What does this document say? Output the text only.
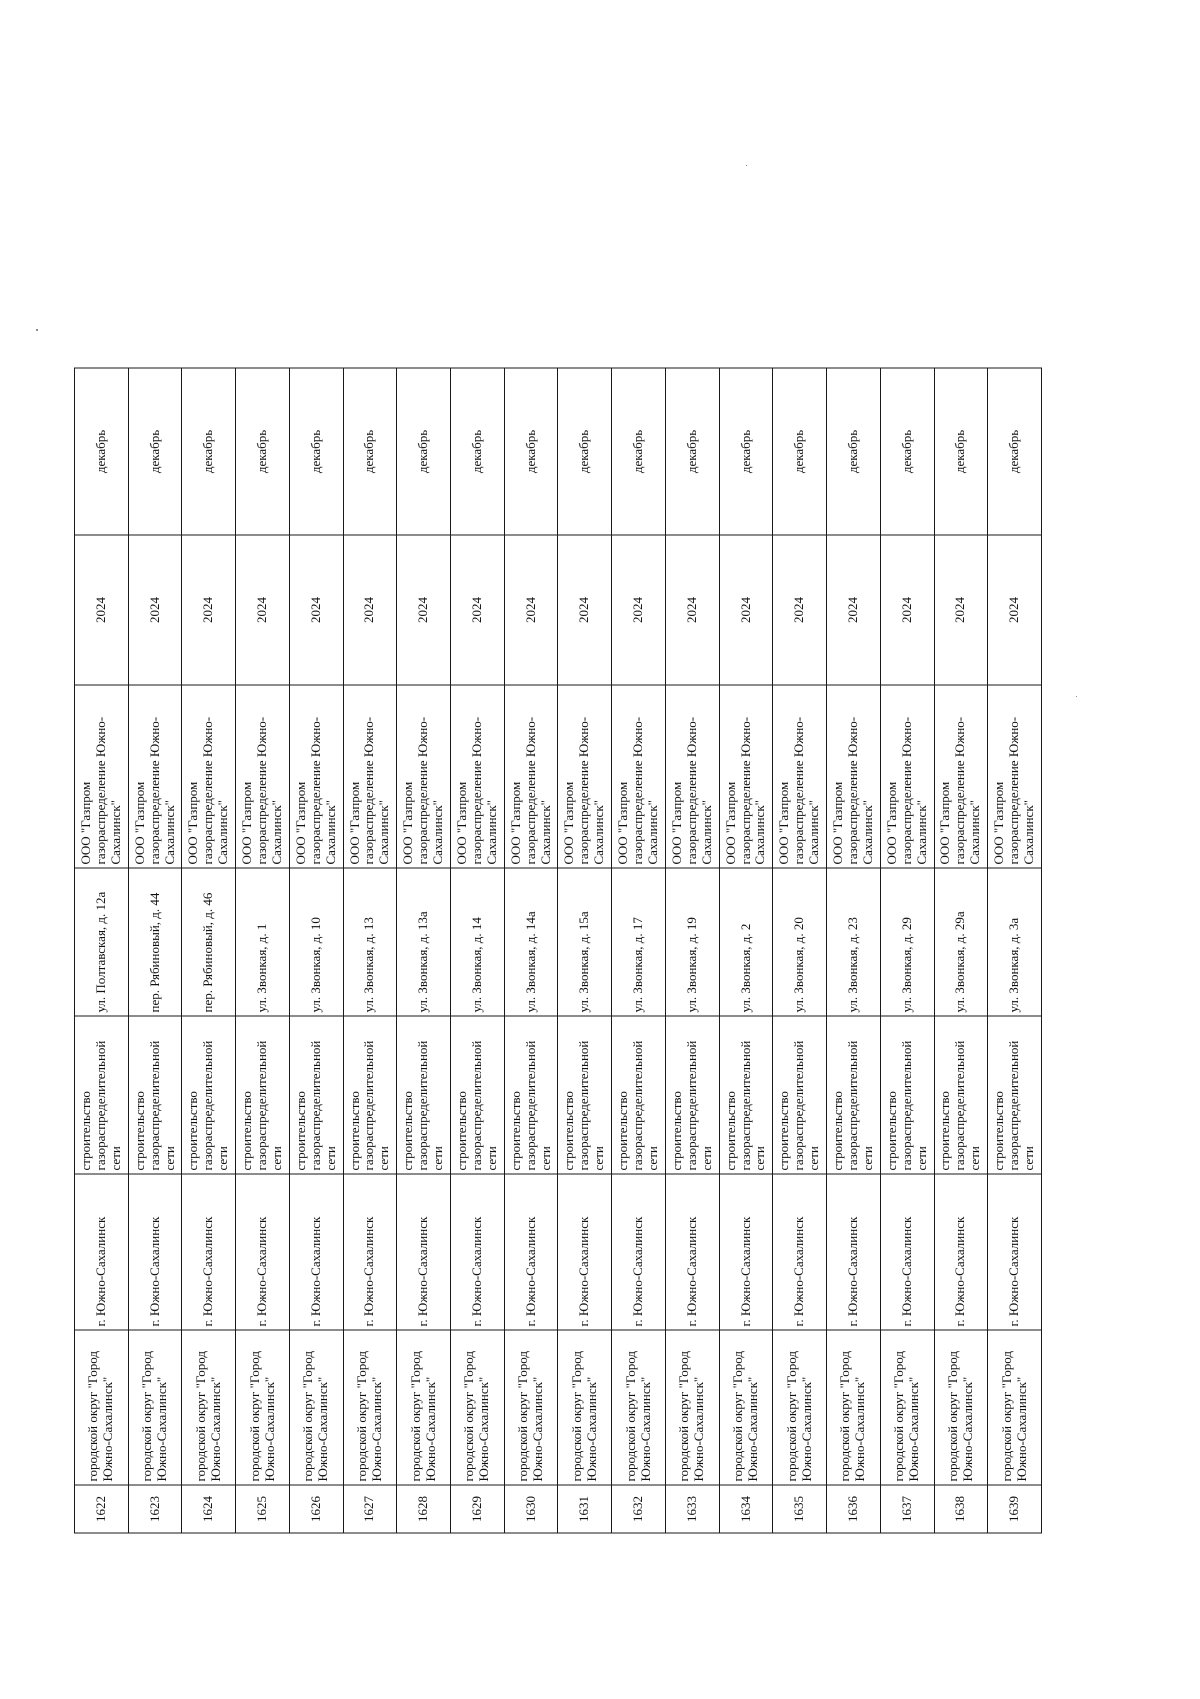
1622	городской округ "Город Южно-Сахалинск"	г. Южно-Сахалинск	строительство газораспределительной сети	ул. Полтавская, д. 12а	ООО "Газпром газораспределение Южно-Сахалинск"	2024	декабрь
1623	городской округ "Город Южно-Сахалинск"	г. Южно-Сахалинск	строительство газораспределительной сети	пер. Рябиновый, д. 44	ООО "Газпром газораспределение Южно-Сахалинск"	2024	декабрь
1624	городской округ "Город Южно-Сахалинск"	г. Южно-Сахалинск	строительство газораспределительной сети	пер. Рябиновый, д. 46	ООО "Газпром газораспределение Южно-Сахалинск"	2024	декабрь
1625	городской округ "Город Южно-Сахалинск"	г. Южно-Сахалинск	строительство газораспределительной сети	ул. Звонкая, д. 1	ООО "Газпром газораспределение Южно-Сахалинск"	2024	декабрь
1626	городской округ "Город Южно-Сахалинск"	г. Южно-Сахалинск	строительство газораспределительной сети	ул. Звонкая, д. 10	ООО "Газпром газораспределение Южно-Сахалинск"	2024	декабрь
1627	городской округ "Город Южно-Сахалинск"	г. Южно-Сахалинск	строительство газораспределительной сети	ул. Звонкая, д. 13	ООО "Газпром газораспределение Южно-Сахалинск"	2024	декабрь
1628	городской округ "Город Южно-Сахалинск"	г. Южно-Сахалинск	строительство газораспределительной сети	ул. Звонкая, д. 13а	ООО "Газпром газораспределение Южно-Сахалинск"	2024	декабрь
1629	городской округ "Город Южно-Сахалинск"	г. Южно-Сахалинск	строительство газораспределительной сети	ул. Звонкая, д. 14	ООО "Газпром газораспределение Южно-Сахалинск"	2024	декабрь
1630	городской округ "Город Южно-Сахалинск"	г. Южно-Сахалинск	строительство газораспределительной сети	ул. Звонкая, д. 14а	ООО "Газпром газораспределение Южно-Сахалинск"	2024	декабрь
1631	городской округ "Город Южно-Сахалинск"	г. Южно-Сахалинск	строительство газораспределительной сети	ул. Звонкая, д. 15а	ООО "Газпром газораспределение Южно-Сахалинск"	2024	декабрь
1632	городской округ "Город Южно-Сахалинск"	г. Южно-Сахалинск	строительство газораспределительной сети	ул. Звонкая, д. 17	ООО "Газпром газораспределение Южно-Сахалинск"	2024	декабрь
1633	городской округ "Город Южно-Сахалинск"	г. Южно-Сахалинск	строительство газораспределительной сети	ул. Звонкая, д. 19	ООО "Газпром газораспределение Южно-Сахалинск"	2024	декабрь
1634	городской округ "Город Южно-Сахалинск"	г. Южно-Сахалинск	строительство газораспределительной сети	ул. Звонкая, д. 2	ООО "Газпром газораспределение Южно-Сахалинск"	2024	декабрь
1635	городской округ "Город Южно-Сахалинск"	г. Южно-Сахалинск	строительство газораспределительной сети	ул. Звонкая, д. 20	ООО "Газпром газораспределение Южно-Сахалинск"	2024	декабрь
1636	городской округ "Город Южно-Сахалинск"	г. Южно-Сахалинск	строительство газораспределительной сети	ул. Звонкая, д. 23	ООО "Газпром газораспределение Южно-Сахалинск"	2024	декабрь
1637	городской округ "Город Южно-Сахалинск"	г. Южно-Сахалинск	строительство газораспределительной сети	ул. Звонкая, д. 29	ООО "Газпром газораспределение Южно-Сахалинск"	2024	декабрь
1638	городской округ "Город Южно-Сахалинск"	г. Южно-Сахалинск	строительство газораспределительной сети	ул. Звонкая, д. 29а	ООО "Газпром газораспределение Южно-Сахалинск"	2024	декабрь
1639	городской округ "Город Южно-Сахалинск"	г. Южно-Сахалинск	строительство газораспределительной сети	ул. Звонкая, д. 3а	ООО "Газпром газораспределение Южно-Сахалинск"	2024	декабрь
